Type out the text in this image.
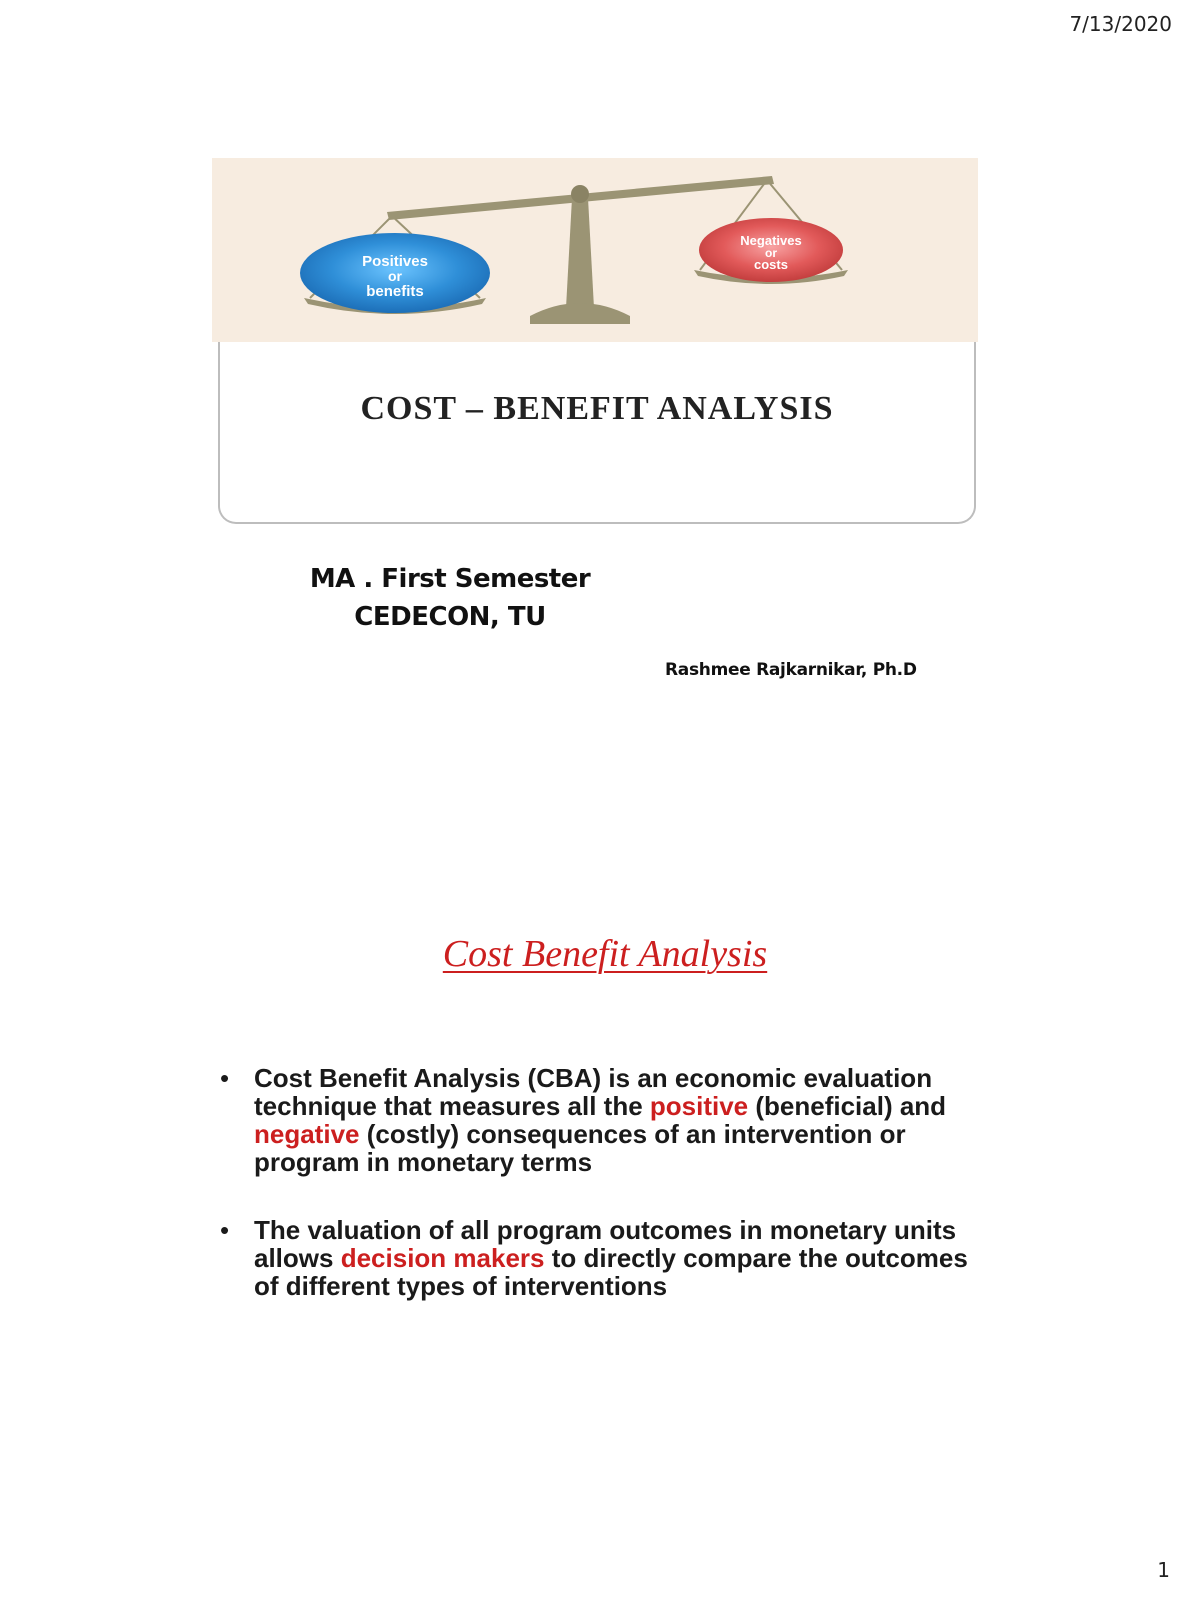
7/13/2020
Positives
or
benefits
Negatives
or
costs
COST – BENEFIT ANALYSIS
MA . First Semester
CEDECON, TU
Rashmee Rajkarnikar, Ph.D
Cost Benefit Analysis
• Cost Benefit Analysis (CBA) is an economic evaluation technique that measures all the positive (beneficial) and negative (costly) consequences of an intervention or program in monetary terms
• The valuation of all program outcomes in monetary units allows decision makers to directly compare the outcomes of different types of interventions
1
